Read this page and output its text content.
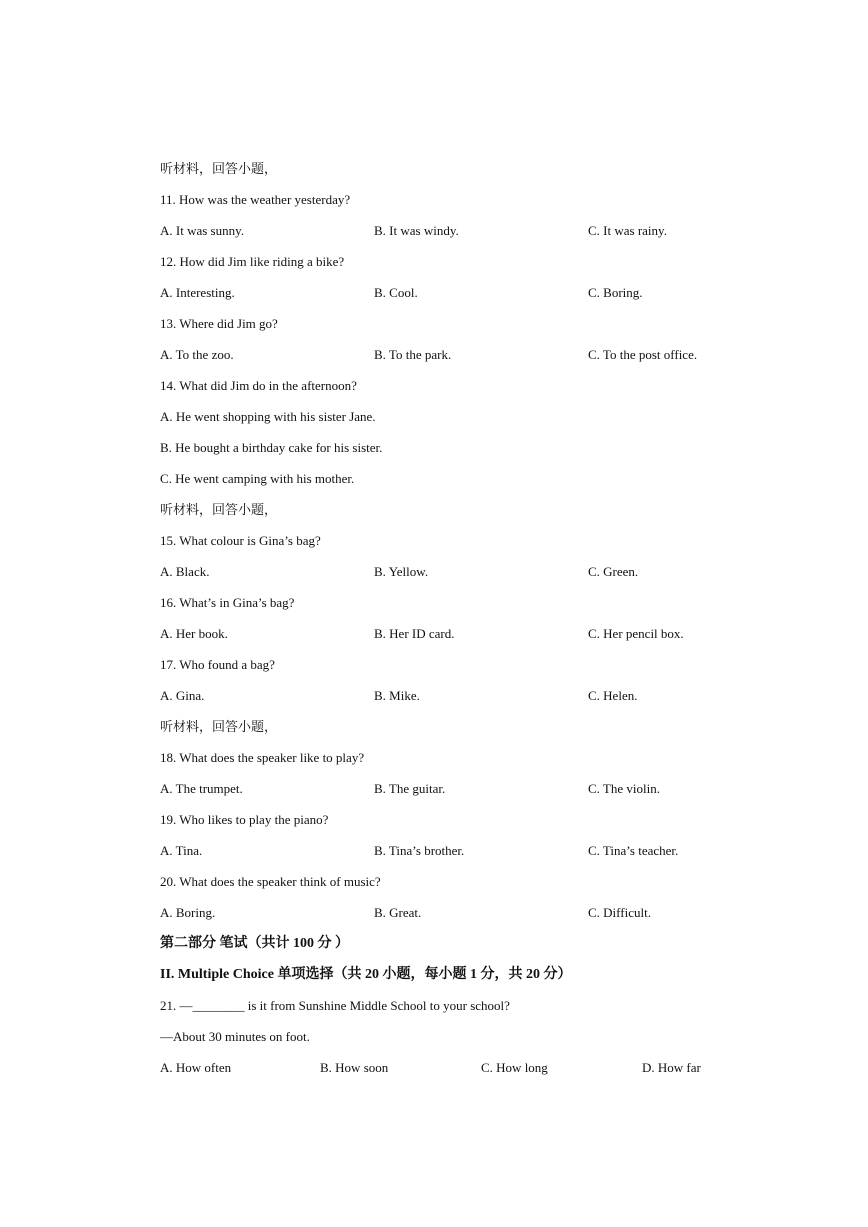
听材料，回答小题，
11. How was the weather yesterday?
A. It was sunny.	B. It was windy.	C. It was rainy.
12. How did Jim like riding a bike?
A. Interesting.	B. Cool.	C. Boring.
13. Where did Jim go?
A. To the zoo.	B. To the park.	C. To the post office.
14. What did Jim do in the afternoon?
A. He went shopping with his sister Jane.
B. He bought a birthday cake for his sister.
C. He went camping with his mother.
听材料，回答小题，
15. What colour is Gina’s bag?
A. Black.	B. Yellow.	C. Green.
16. What’s in Gina’s bag?
A. Her book.	B. Her ID card.	C. Her pencil box.
17. Who found a bag?
A. Gina.	B. Mike.	C. Helen.
听材料，回答小题，
18. What does the speaker like to play?
A. The trumpet.	B. The guitar.	C. The violin.
19. Who likes to play the piano?
A. Tina.	B. Tina’s brother.	C. Tina’s teacher.
20. What does the speaker think of music?
A. Boring.	B. Great.	C. Difficult.
第二部分 笔试（共计 100 分 ）
II. Multiple Choice 单项选择（共 20 小题，每小题 1 分，共 20 分）
21. —________ is it from Sunshine Middle School to your school?
—About 30 minutes on foot.
A. How often	B. How soon	C. How long	D. How far
